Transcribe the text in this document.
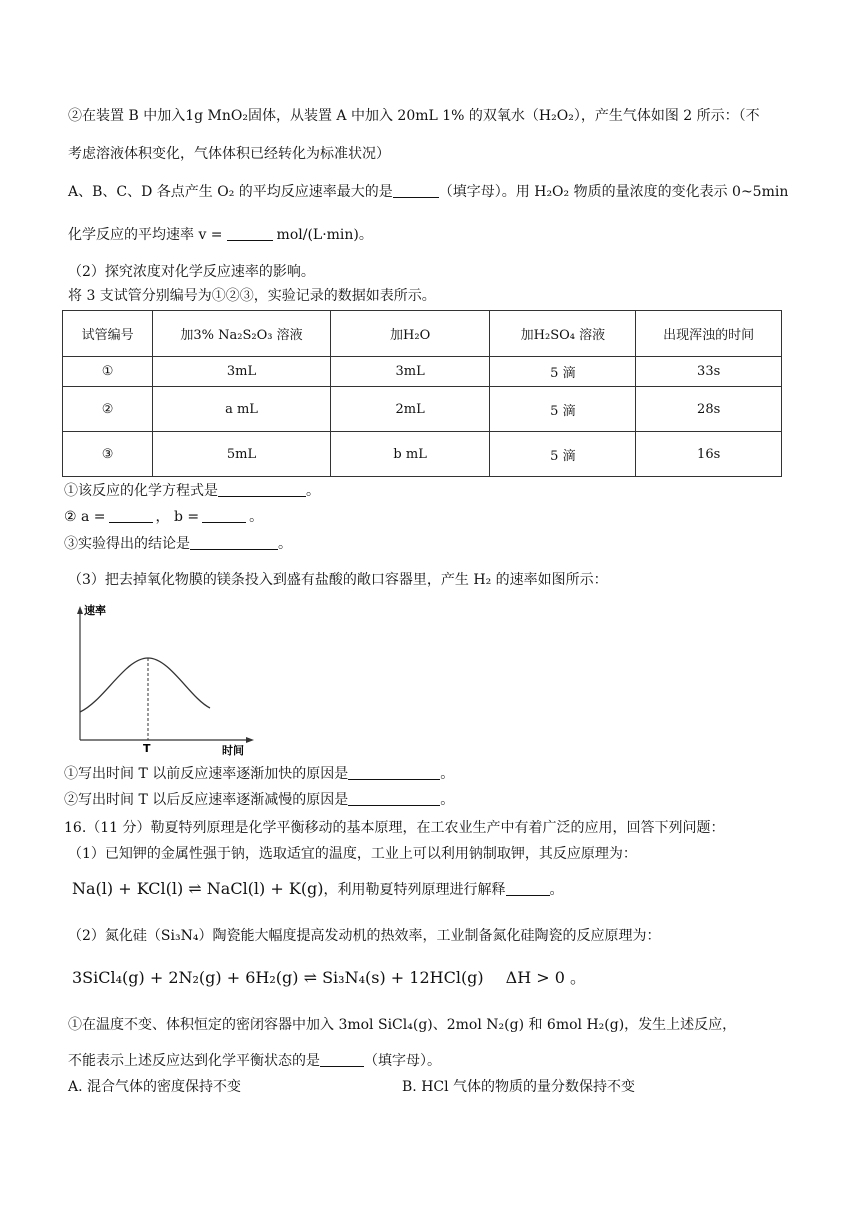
②在装置 B 中加入1g MnO₂固体，从装置 A 中加入 20mL 1% 的双氧水（H₂O₂），产生气体如图 2 所示：（不
考虑溶液体积变化，气体体积已经转化为标准状况）
A、B、C、D 各点产生 O₂ 的平均反应速率最大的是	（填字母）。用 H₂O₂ 物质的量浓度的变化表示 0~5min
化学反应的平均速率 v =	mol/(L·min)。
（2）探究浓度对化学反应速率的影响。
将 3 支试管分别编号为①②③，实验记录的数据如表所示。
试管编号	加3% Na₂S₂O₃ 溶液	加H₂O	加H₂SO₄ 溶液	出现浑浊的时间
①	3mL	3mL	5 滴	33s
②	a mL	2mL	5 滴	28s
③	5mL	b mL	5 滴	16s
①该反应的化学方程式是	。
② a =	， b =	。
③实验得出的结论是	。
（3）把去掉氧化物膜的镁条投入到盛有盐酸的敞口容器里，产生 H₂ 的速率如图所示：
速率
T	时间
①写出时间 T 以前反应速率逐渐加快的原因是	。
②写出时间 T 以后反应速率逐渐减慢的原因是	。
16.（11 分）勒夏特列原理是化学平衡移动的基本原理，在工农业生产中有着广泛的应用，回答下列问题：
（1）已知钾的金属性强于钠，选取适宜的温度，工业上可以利用钠制取钾，其反应原理为：
Na(l) + KCl(l) ⇌ NaCl(l) + K(g)，利用勒夏特列原理进行解释	。
（2）氮化硅（Si₃N₄）陶瓷能大幅度提高发动机的热效率，工业制备氮化硅陶瓷的反应原理为：
3SiCl₄(g) + 2N₂(g) + 6H₂(g) ⇌ Si₃N₄(s) + 12HCl(g) ΔH > 0 。
①在温度不变、体积恒定的密闭容器中加入 3mol SiCl₄(g)、2mol N₂(g) 和 6mol H₂(g)，发生上述反应，
不能表示上述反应达到化学平衡状态的是	（填字母）。
A. 混合气体的密度保持不变	B. HCl 气体的物质的量分数保持不变
